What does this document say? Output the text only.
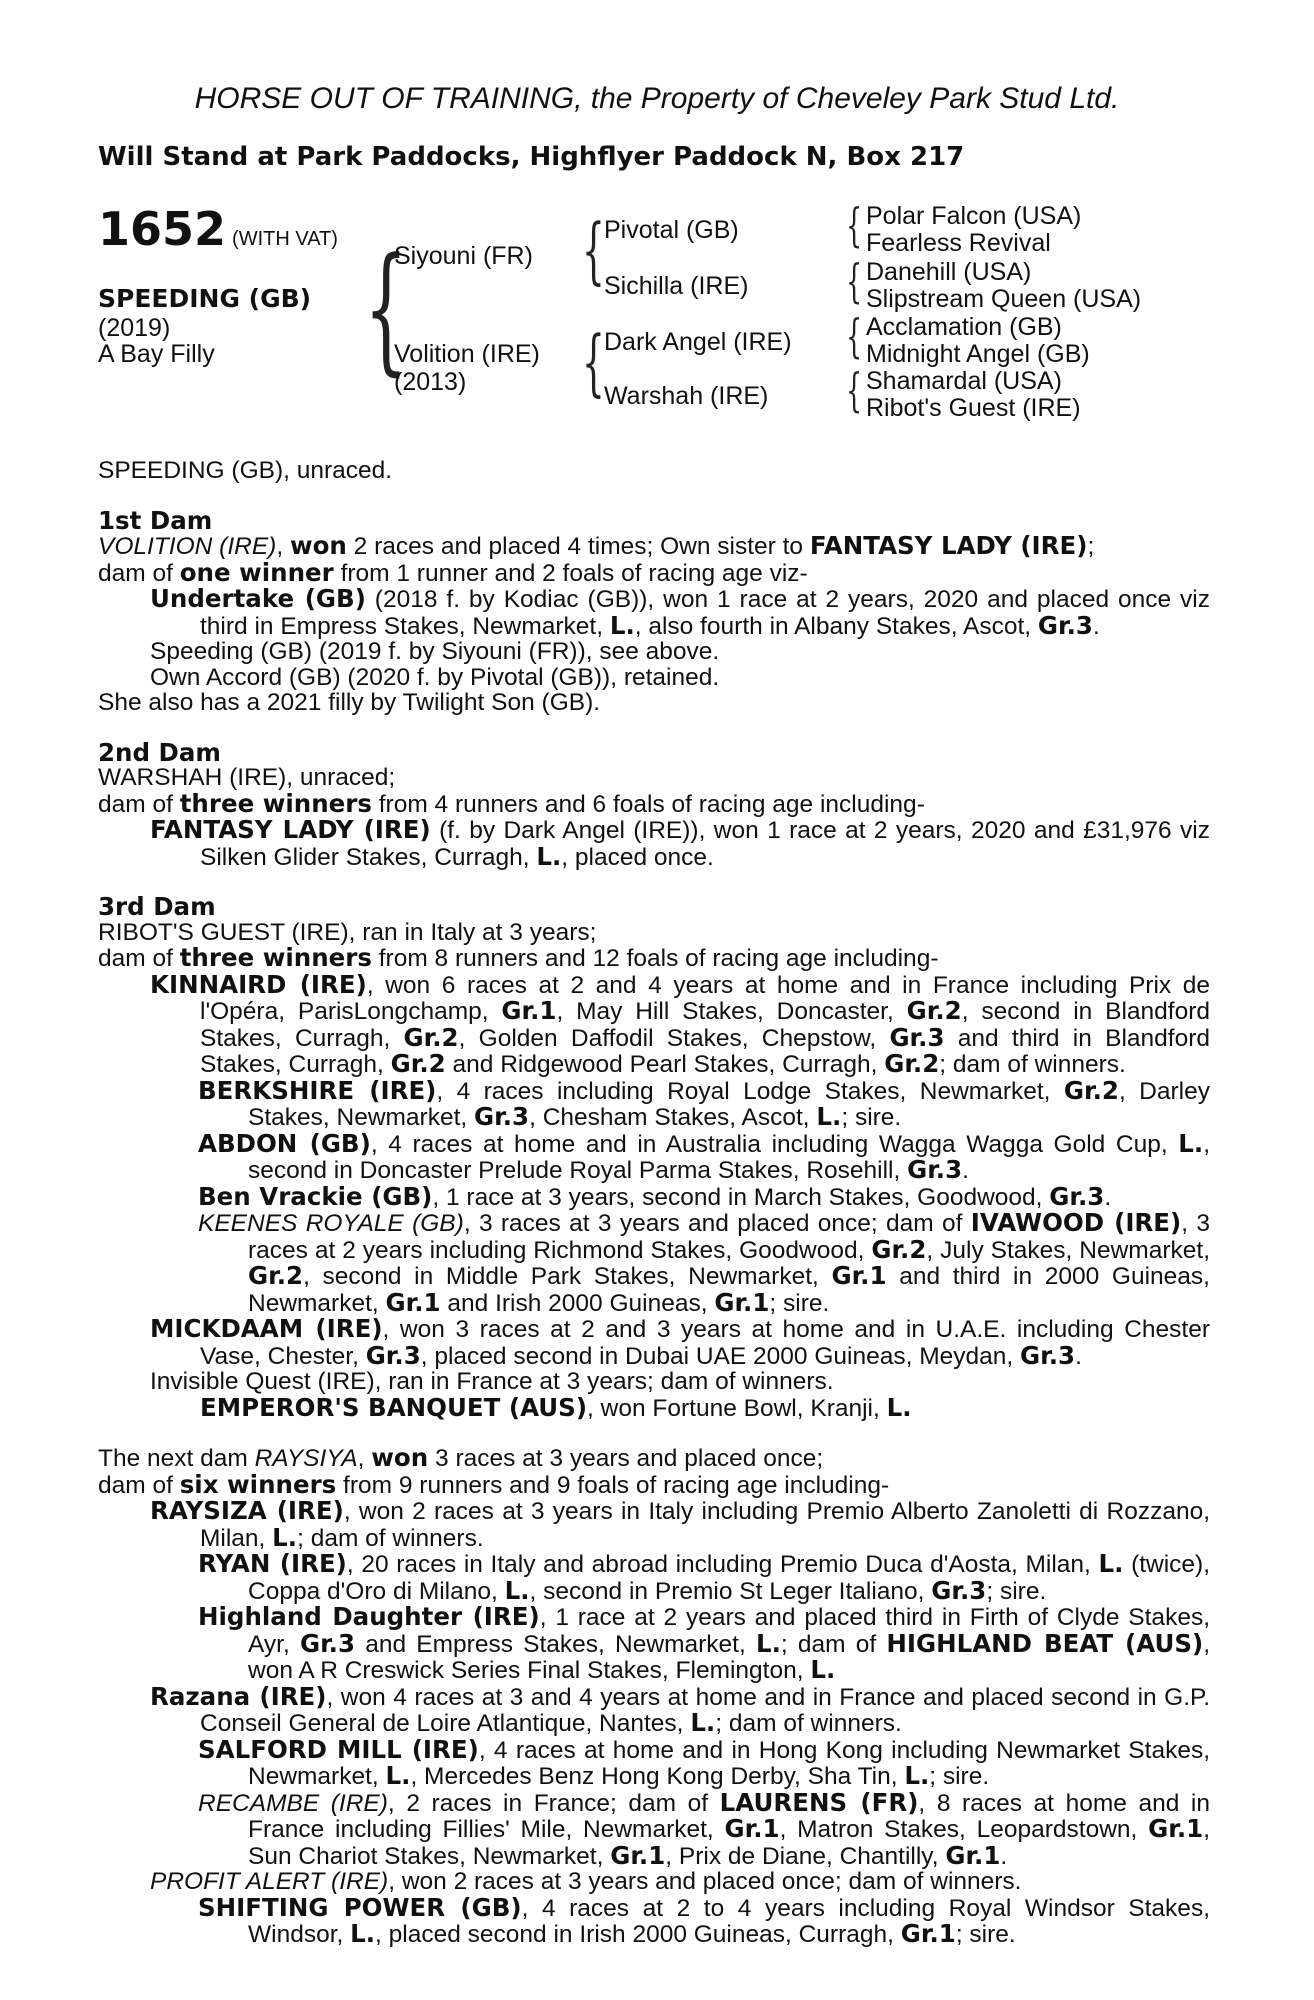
HORSE OUT OF TRAINING, the Property of Cheveley Park Stud Ltd.
Will Stand at Park Paddocks, Highflyer Paddock N, Box 217
1652 (WITH VAT)
SPEEDING (GB)
(2019)
A Bay Filly {
Siyouni (FR)
Volition (IRE)
(2013)
{ Pivotal (GB)
Sichilla (IRE)
{ Dark Angel (IRE)
Warshah (IRE)
{ Polar Falcon (USA)
Fearless Revival
{ Danehill (USA)
Slipstream Queen (USA)
{ Acclamation (GB)
Midnight Angel (GB)
{ Shamardal (USA)
Ribot's Guest (IRE)

SPEEDING (GB), unraced.

1st Dam

VOLITION (IRE), won 2 races and placed 4 times; Own sister to FANTASY LADY (IRE);

dam of one winner from 1 runner and 2 foals of racing age viz-

Undertake (GB) (2018 f. by Kodiac (GB)), won 1 race at 2 years, 2020 and placed once viz third in Empress Stakes, Newmarket, L., also fourth in Albany Stakes, Ascot, Gr.3.

Speeding (GB) (2019 f. by Siyouni (FR)), see above.

Own Accord (GB) (2020 f. by Pivotal (GB)), retained.

She also has a 2021 filly by Twilight Son (GB).

2nd Dam

WARSHAH (IRE), unraced;

dam of three winners from 4 runners and 6 foals of racing age including-

FANTASY LADY (IRE) (f. by Dark Angel (IRE)), won 1 race at 2 years, 2020 and £31,976 viz Silken Glider Stakes, Curragh, L., placed once.

3rd Dam

RIBOT'S GUEST (IRE), ran in Italy at 3 years;

dam of three winners from 8 runners and 12 foals of racing age including-

KINNAIRD (IRE), won 6 races at 2 and 4 years at home and in France including Prix de l'Opéra, ParisLongchamp, Gr.1, May Hill Stakes, Doncaster, Gr.2, second in Blandford Stakes, Curragh, Gr.2, Golden Daffodil Stakes, Chepstow, Gr.3 and third in Blandford Stakes, Curragh, Gr.2 and Ridgewood Pearl Stakes, Curragh, Gr.2; dam of winners.

BERKSHIRE (IRE), 4 races including Royal Lodge Stakes, Newmarket, Gr.2, Darley Stakes, Newmarket, Gr.3, Chesham Stakes, Ascot, L.; sire.

ABDON (GB), 4 races at home and in Australia including Wagga Wagga Gold Cup, L., second in Doncaster Prelude Royal Parma Stakes, Rosehill, Gr.3.

Ben Vrackie (GB), 1 race at 3 years, second in March Stakes, Goodwood, Gr.3.

KEENES ROYALE (GB), 3 races at 3 years and placed once; dam of IVAWOOD (IRE), 3 races at 2 years including Richmond Stakes, Goodwood, Gr.2, July Stakes, Newmarket, Gr.2, second in Middle Park Stakes, Newmarket, Gr.1 and third in 2000 Guineas, Newmarket, Gr.1 and Irish 2000 Guineas, Gr.1; sire.

MICKDAAM (IRE), won 3 races at 2 and 3 years at home and in U.A.E. including Chester Vase, Chester, Gr.3, placed second in Dubai UAE 2000 Guineas, Meydan, Gr.3.

Invisible Quest (IRE), ran in France at 3 years; dam of winners.

EMPEROR'S BANQUET (AUS), won Fortune Bowl, Kranji, L.

The next dam RAYSIYA, won 3 races at 3 years and placed once;

dam of six winners from 9 runners and 9 foals of racing age including-

RAYSIZA (IRE), won 2 races at 3 years in Italy including Premio Alberto Zanoletti di Rozzano, Milan, L.; dam of winners.

RYAN (IRE), 20 races in Italy and abroad including Premio Duca d'Aosta, Milan, L. (twice), Coppa d'Oro di Milano, L., second in Premio St Leger Italiano, Gr.3; sire.

Highland Daughter (IRE), 1 race at 2 years and placed third in Firth of Clyde Stakes, Ayr, Gr.3 and Empress Stakes, Newmarket, L.; dam of HIGHLAND BEAT (AUS), won A R Creswick Series Final Stakes, Flemington, L.

Razana (IRE), won 4 races at 3 and 4 years at home and in France and placed second in G.P. Conseil General de Loire Atlantique, Nantes, L.; dam of winners.

SALFORD MILL (IRE), 4 races at home and in Hong Kong including Newmarket Stakes, Newmarket, L., Mercedes Benz Hong Kong Derby, Sha Tin, L.; sire.

RECAMBE (IRE), 2 races in France; dam of LAURENS (FR), 8 races at home and in France including Fillies' Mile, Newmarket, Gr.1, Matron Stakes, Leopardstown, Gr.1, Sun Chariot Stakes, Newmarket, Gr.1, Prix de Diane, Chantilly, Gr.1.

PROFIT ALERT (IRE), won 2 races at 3 years and placed once; dam of winners.

SHIFTING POWER (GB), 4 races at 2 to 4 years including Royal Windsor Stakes, Windsor, L., placed second in Irish 2000 Guineas, Curragh, Gr.1; sire.
